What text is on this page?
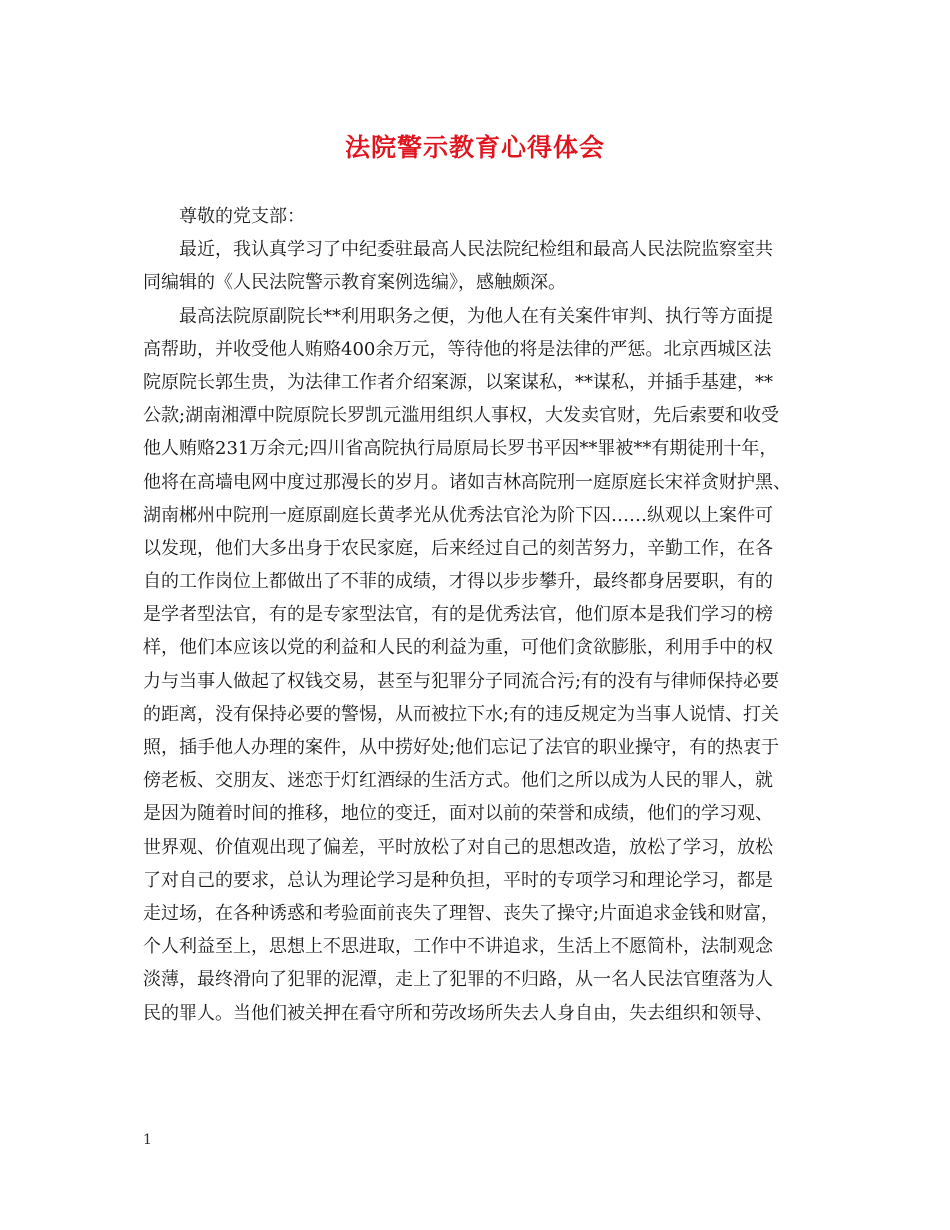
法院警示教育心得体会
尊敬的党支部：
最近，我认真学习了中纪委驻最高人民法院纪检组和最高人民法院监察室共
同编辑的《人民法院警示教育案例选编》，感触颇深。
最高法院原副院长**利用职务之便，为他人在有关案件审判、执行等方面提
高帮助，并收受他人贿赂400余万元，等待他的将是法律的严惩。北京西城区法
院原院长郭生贵，为法律工作者介绍案源，以案谋私，**谋私，并插手基建，**
公款;湖南湘潭中院原院长罗凯元滥用组织人事权，大发卖官财，先后索要和收受
他人贿赂231万余元;四川省高院执行局原局长罗书平因**罪被**有期徒刑十年，
他将在高墙电网中度过那漫长的岁月。诸如吉林高院刑一庭原庭长宋祥贪财护黑、
湖南郴州中院刑一庭原副庭长黄孝光从优秀法官沦为阶下囚……纵观以上案件可
以发现，他们大多出身于农民家庭，后来经过自己的刻苦努力，辛勤工作，在各
自的工作岗位上都做出了不菲的成绩，才得以步步攀升，最终都身居要职，有的
是学者型法官，有的是专家型法官，有的是优秀法官，他们原本是我们学习的榜
样，他们本应该以党的利益和人民的利益为重，可他们贪欲膨胀，利用手中的权
力与当事人做起了权钱交易，甚至与犯罪分子同流合污;有的没有与律师保持必要
的距离，没有保持必要的警惕，从而被拉下水;有的违反规定为当事人说情、打关
照，插手他人办理的案件，从中捞好处;他们忘记了法官的职业操守，有的热衷于
傍老板、交朋友、迷恋于灯红酒绿的生活方式。他们之所以成为人民的罪人，就
是因为随着时间的推移，地位的变迁，面对以前的荣誉和成绩，他们的学习观、
世界观、价值观出现了偏差，平时放松了对自己的思想改造，放松了学习，放松
了对自己的要求，总认为理论学习是种负担，平时的专项学习和理论学习，都是
走过场，在各种诱惑和考验面前丧失了理智、丧失了操守;片面追求金钱和财富，
个人利益至上，思想上不思进取，工作中不讲追求，生活上不愿简朴，法制观念
淡薄，最终滑向了犯罪的泥潭，走上了犯罪的不归路，从一名人民法官堕落为人
民的罪人。当他们被关押在看守所和劳改场所失去人身自由，失去组织和领导、
1
